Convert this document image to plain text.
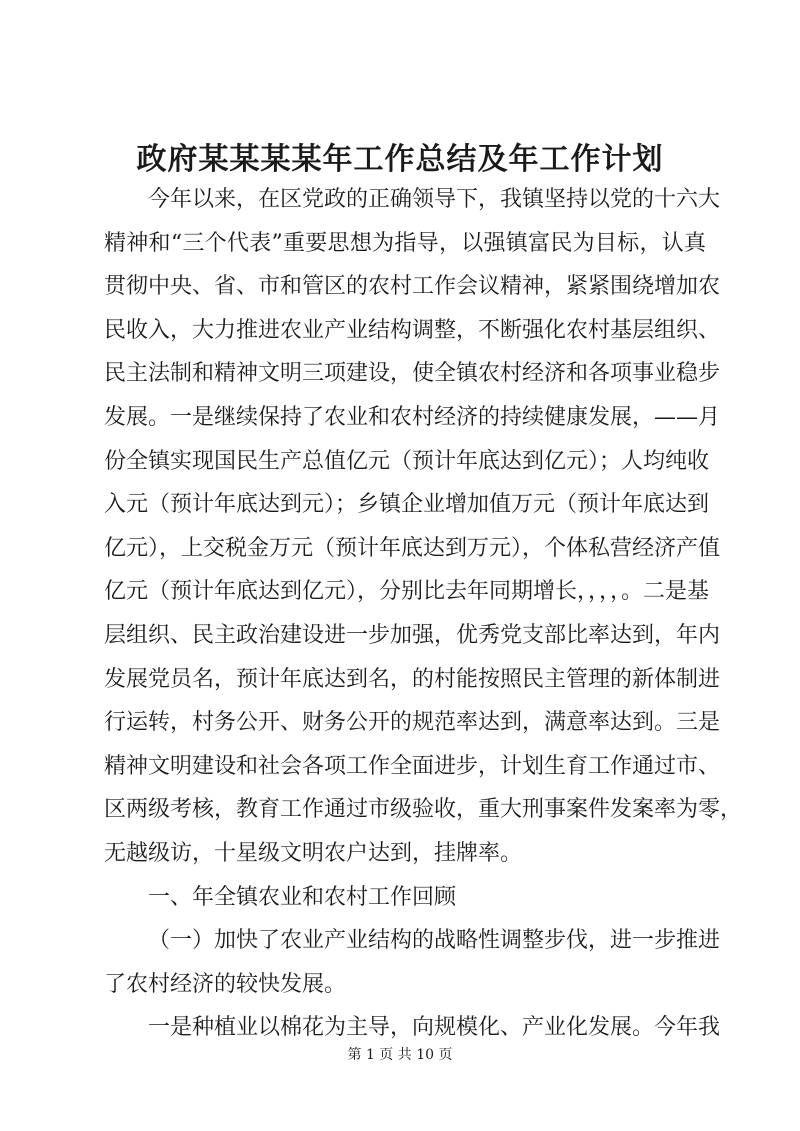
政府某某某某年工作总结及年工作计划
今年以来，在区党政的正确领导下，我镇坚持以党的十六大
精神和“三个代表”重要思想为指导，以强镇富民为目标，认真
贯彻中央、省、市和管区的农村工作会议精神，紧紧围绕增加农
民收入，大力推进农业产业结构调整，不断强化农村基层组织、
民主法制和精神文明三项建设，使全镇农村经济和各项事业稳步
发展。一是继续保持了农业和农村经济的持续健康发展，——月
份全镇实现国民生产总值亿元（预计年底达到亿元）；人均纯收
入元（预计年底达到元）；乡镇企业增加值万元（预计年底达到
亿元），上交税金万元（预计年底达到万元），个体私营经济产值
亿元（预计年底达到亿元），分别比去年同期增长，，，，。二是基
层组织、民主政治建设进一步加强，优秀党支部比率达到，年内
发展党员名，预计年底达到名，的村能按照民主管理的新体制进
行运转，村务公开、财务公开的规范率达到，满意率达到。三是
精神文明建设和社会各项工作全面进步，计划生育工作通过市、
区两级考核，教育工作通过市级验收，重大刑事案件发案率为零，
无越级访，十星级文明农户达到，挂牌率。
一、年全镇农业和农村工作回顾
（一）加快了农业产业结构的战略性调整步伐，进一步推进
了农村经济的较快发展。
一是种植业以棉花为主导，向规模化、产业化发展。今年我
第 1 页 共 10 页
